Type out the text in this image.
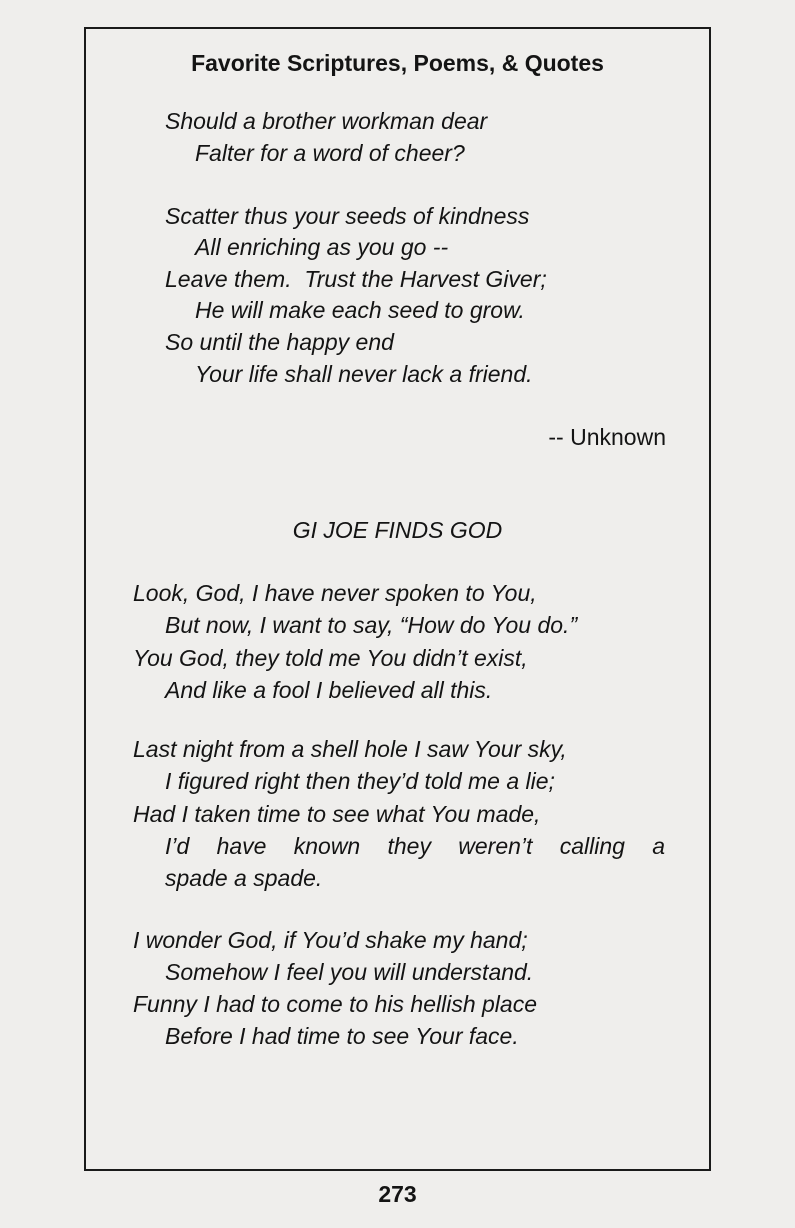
Favorite Scriptures, Poems, & Quotes
Should a brother workman dear
Falter for a word of cheer?
Scatter thus your seeds of kindness
All enriching as you go --
Leave them.  Trust the Harvest Giver;
He will make each seed to grow.
So until the happy end
Your life shall never lack a friend.
-- Unknown
GI JOE FINDS GOD
Look, God, I have never spoken to You,
But now, I want to say, “How do You do.”
You God, they told me You didn’t exist,
And like a fool I believed all this.
Last night from a shell hole I saw Your sky,
I figured right then they’d told me a lie;
Had I taken time to see what You made,
I’d have known they weren’t calling a
spade a spade.
I wonder God, if You’d shake my hand;
Somehow I feel you will understand.
Funny I had to come to his hellish place
Before I had time to see Your face.
273
